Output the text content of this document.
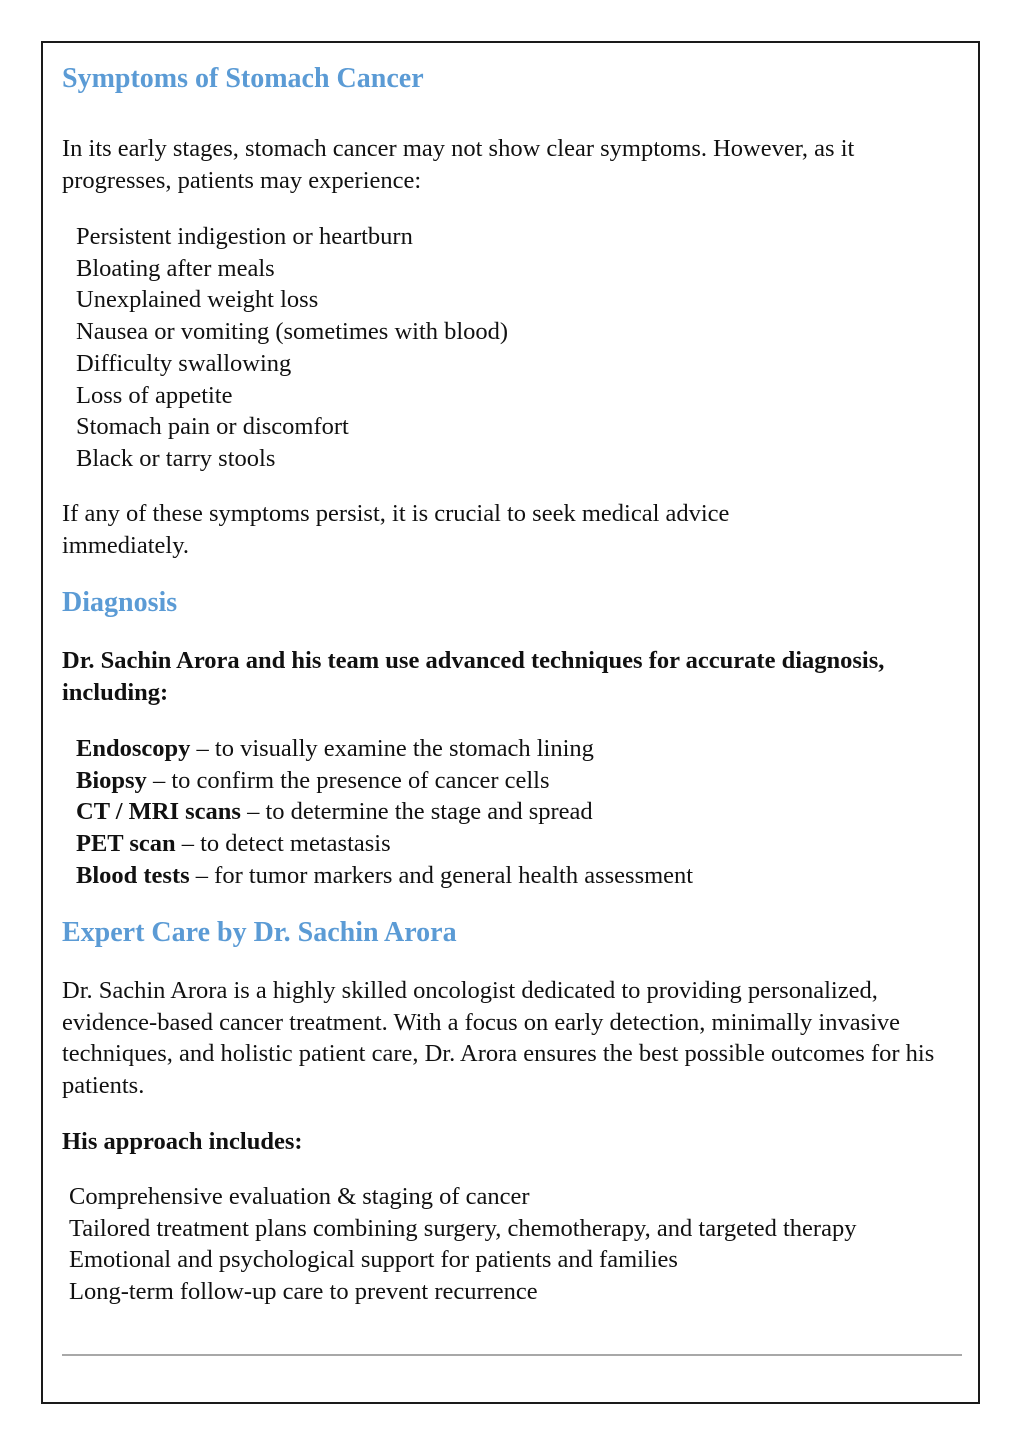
Symptoms of Stomach Cancer

In its early stages, stomach cancer may not show clear symptoms. However, as it progresses, patients may experience:

Persistent indigestion or heartburn
Bloating after meals
Unexplained weight loss
Nausea or vomiting (sometimes with blood)
Difficulty swallowing
Loss of appetite
Stomach pain or discomfort
Black or tarry stools

If any of these symptoms persist, it is crucial to seek medical advice immediately.

Diagnosis

Dr. Sachin Arora and his team use advanced techniques for accurate diagnosis, including:

Endoscopy – to visually examine the stomach lining
Biopsy – to confirm the presence of cancer cells
CT / MRI scans – to determine the stage and spread
PET scan – to detect metastasis
Blood tests – for tumor markers and general health assessment
Expert Care by Dr. Sachin Arora

Dr. Sachin Arora is a highly skilled oncologist dedicated to providing personalized, evidence-based cancer treatment. With a focus on early detection, minimally invasive techniques, and holistic patient care, Dr. Arora ensures the best possible outcomes for his patients.

His approach includes:

Comprehensive evaluation & staging of cancer
Tailored treatment plans combining surgery, chemotherapy, and targeted therapy
Emotional and psychological support for patients and families
Long-term follow-up care to prevent recurrence
